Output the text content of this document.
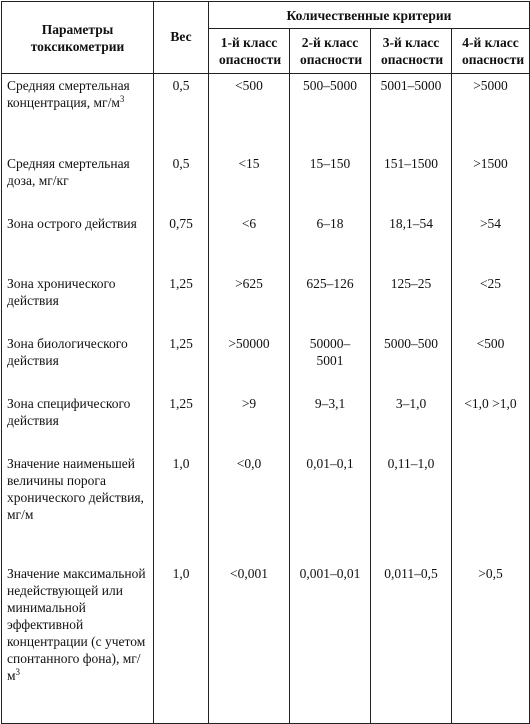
Параметры токсикометрии	Вес	Количественные критерии			
		1-й класс опасности	2-й класс опасности	3-й класс опасности	4-й класс опасности
Средняя смертельная концентрация, $мг/м^3$	0,5	<500	500–5000	5001–5000	>5000
Средняя смертельная доза, мг/кг	0,5	<15	15–150	151–1500	>1500
Зона острого действия	0,75	<6	6–18	18,1–54	>54
Зона хронического действия	1,25	>625	625–126	125–25	<25
Зона биологического действия	1,25	>50000	50000–5001	5000–500	<500
Зона специфического действия	1,25	>9	9–3,1	3–1,0	<1,0 >1,0
Значение наименьшей величины порога хронического действия, мг/м	1,0	<0,0	0,01–0,1	0,11–1,0	
Значение максимальной недействующей или минимальной эффективной концентрации (с учетом спонтанного фона), $мг/м^3$	1,0	<0,001	0,001–0,01	0,011–0,5	>0,5
